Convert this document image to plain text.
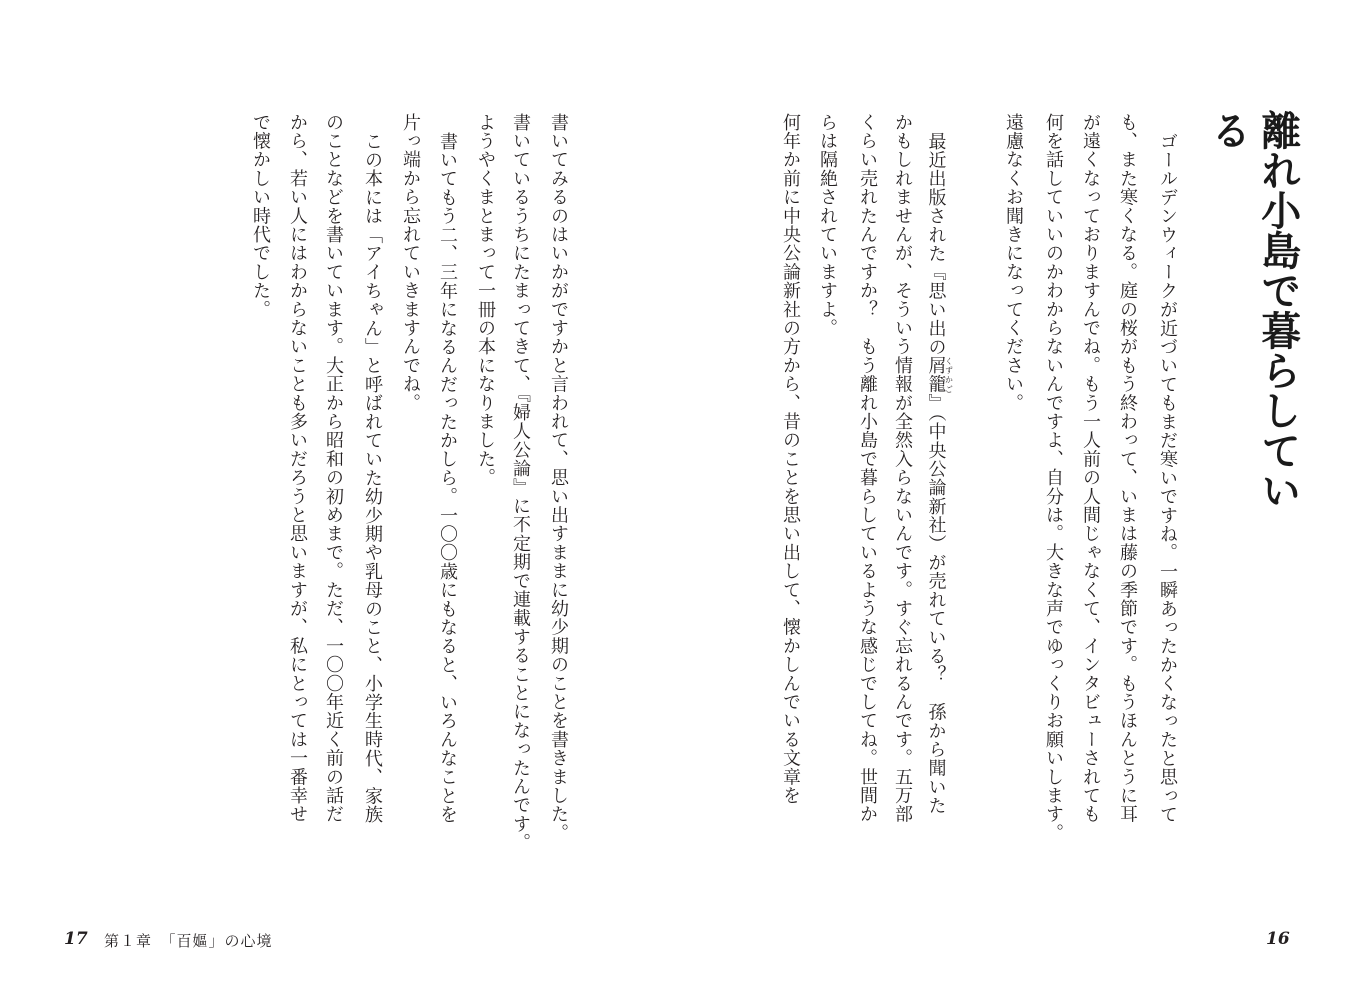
離れ小島で暮らしている
ゴールデンウィークが近づいてもまだ寒いですね。一瞬あったかくなったと思って
も、また寒くなる。庭の桜がもう終わって、いまは藤の季節です。もうほんとうに耳
が遠くなっておりますんでね。もう一人前の人間じゃなくて、インタビューされても
何を話していいのかわからないんですよ、自分は。大きな声でゆっくりお願いします。
遠慮なくお聞きになってください。
最近出版された『思い出の屑籠くずかご』（中央公論新社）が売れている？　孫から聞いた
かもしれませんが、そういう情報が全然入らないんです。すぐ忘れるんです。五万部
くらい売れたんですか？　もう離れ小島で暮らしているような感じでしてね。世間か
らは隔絶されていますよ。
何年か前に中央公論新社の方から、昔のことを思い出して、懐かしんでいる文章を
16
書いてみるのはいかがですかと言われて、思い出すままに幼少期のことを書きました。
書いているうちにたまってきて、『婦人公論』に不定期で連載することになったんです。
ようやくまとまって一冊の本になりました。
書いてもう二、三年になるんだったかしら。一〇〇歳にもなると、いろんなことを
片っ端から忘れていきますんでね。
この本には「アイちゃん」と呼ばれていた幼少期や乳母のこと、小学生時代、家族
のことなどを書いています。大正から昭和の初めまで。ただ、一〇〇年近く前の話だ
から、若い人にはわからないことも多いだろうと思いますが、私にとっては一番幸せ
で懐かしい時代でした。
17 第１章　「百嫗」の心境
